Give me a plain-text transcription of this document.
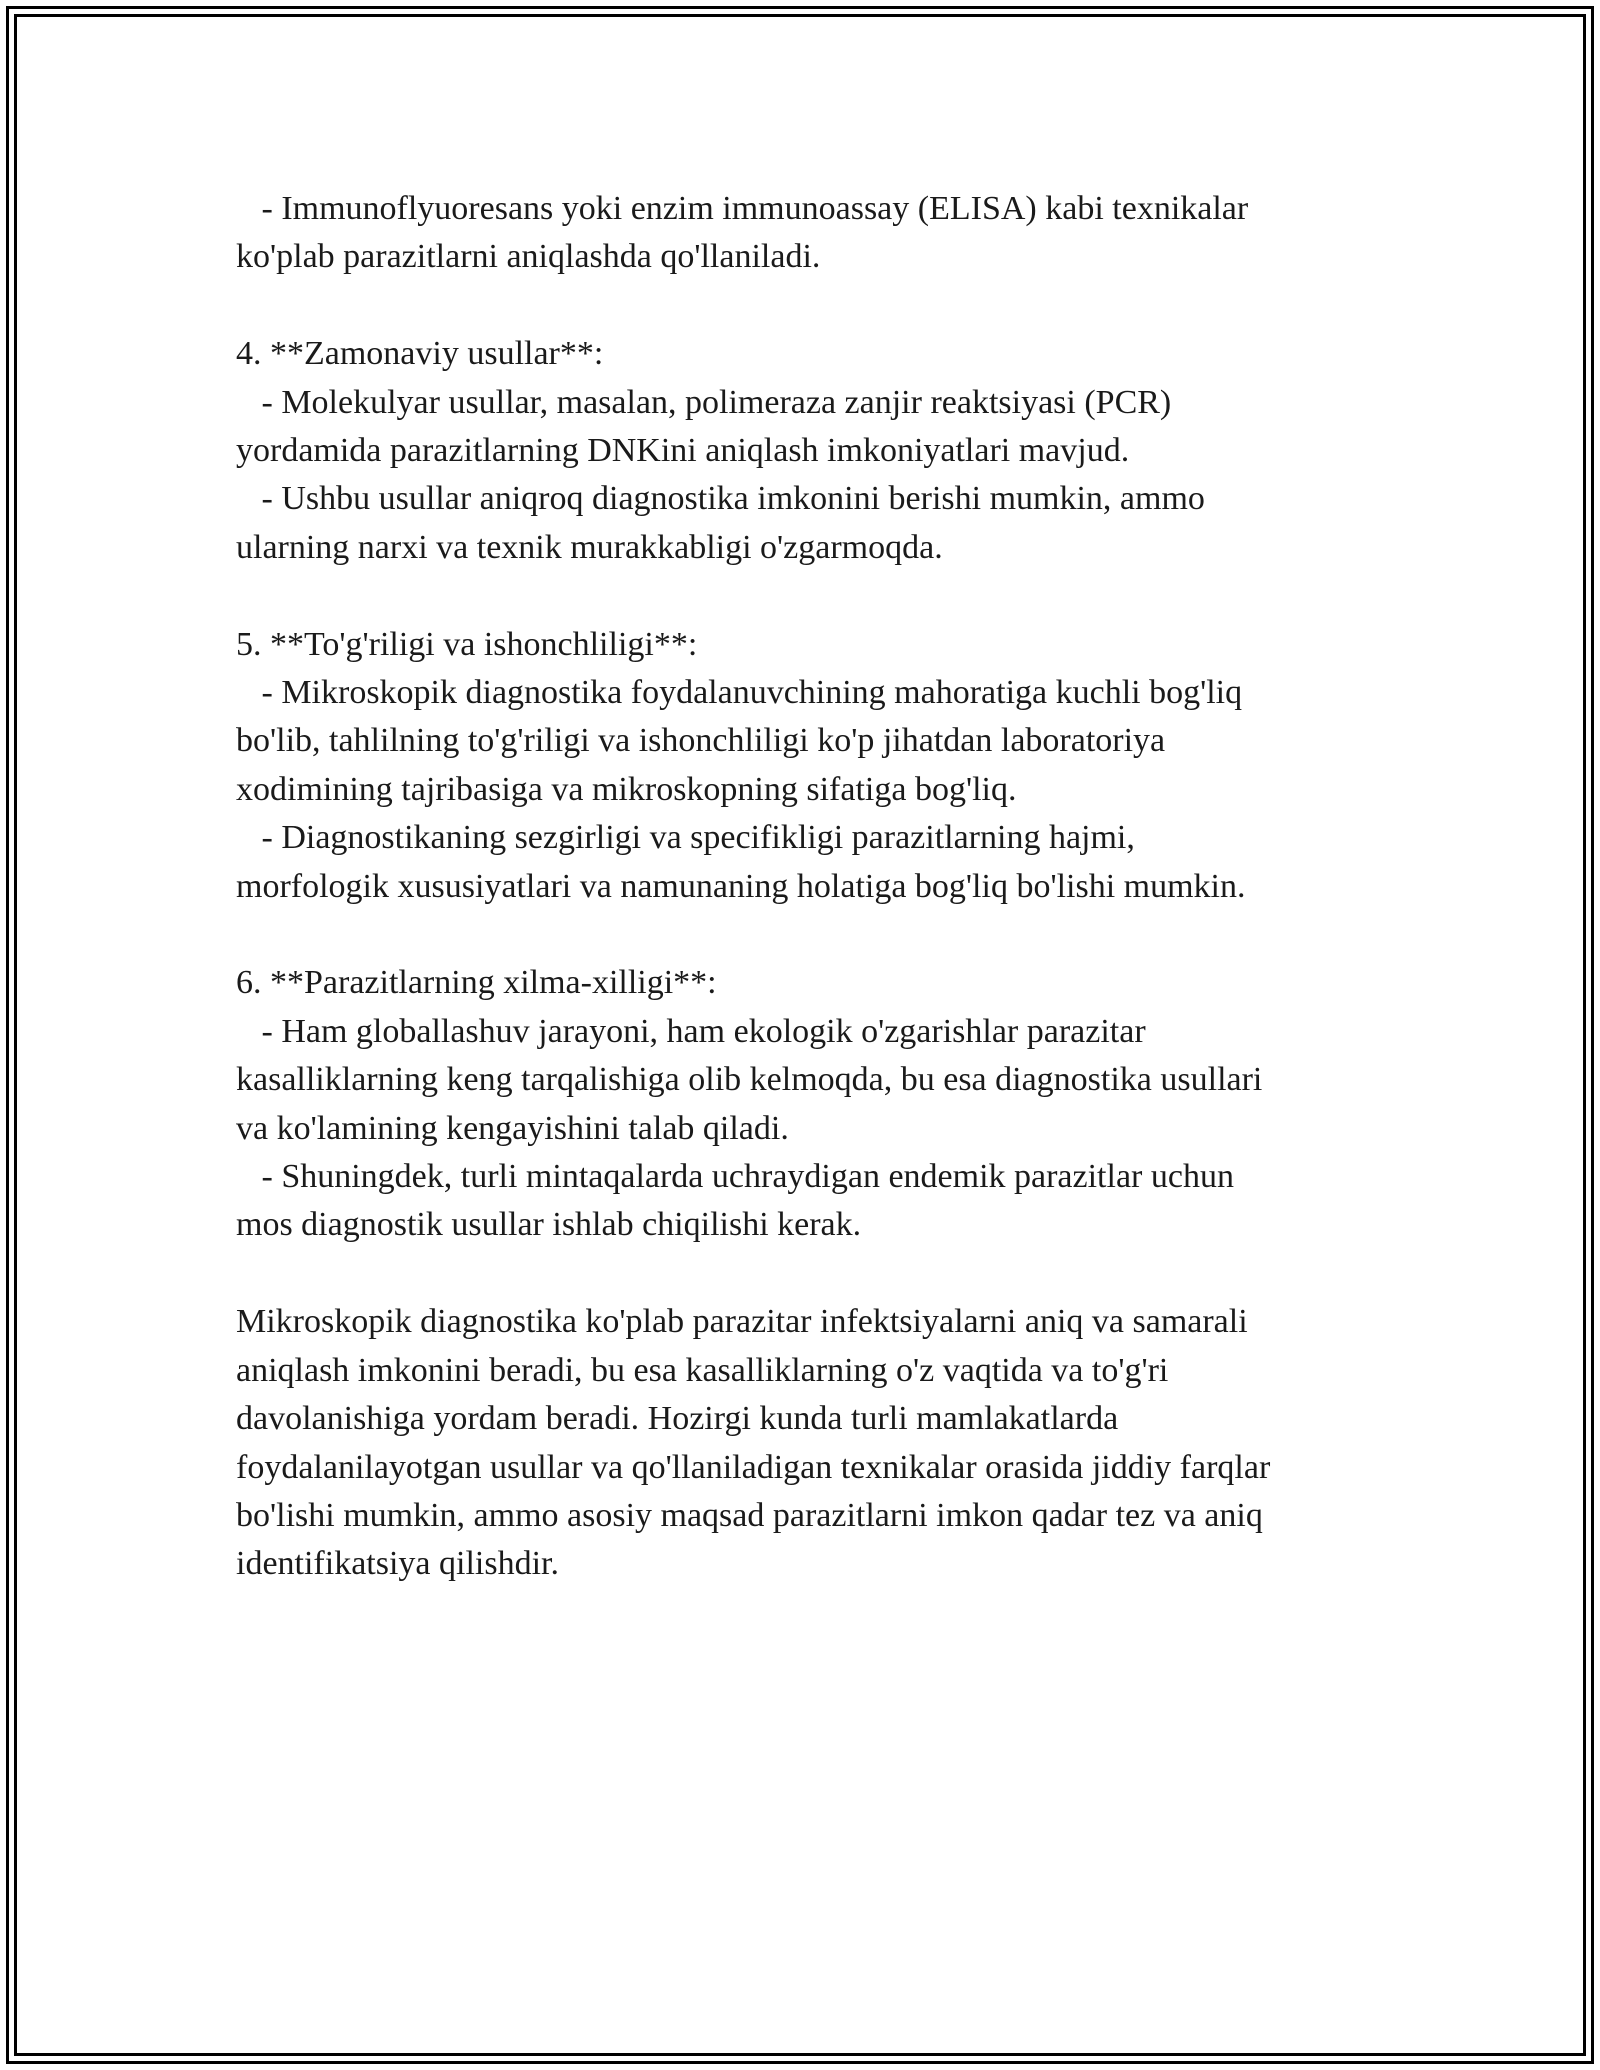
- Immunoflyuoresans yoki enzim immunoassay (ELISA) kabi texnikalar
ko'plab parazitlarni aniqlashda qo'llaniladi.
4. **Zamonaviy usullar**:
- Molekulyar usullar, masalan, polimeraza zanjir reaktsiyasi (PCR)
yordamida parazitlarning DNKini aniqlash imkoniyatlari mavjud.
- Ushbu usullar aniqroq diagnostika imkonini berishi mumkin, ammo
ularning narxi va texnik murakkabligi o'zgarmoqda.
5. **To'g'riligi va ishonchliligi**:
- Mikroskopik diagnostika foydalanuvchining mahoratiga kuchli bog'liq
bo'lib, tahlilning to'g'riligi va ishonchliligi ko'p jihatdan laboratoriya
xodimining tajribasiga va mikroskopning sifatiga bog'liq.
- Diagnostikaning sezgirligi va specifikligi parazitlarning hajmi,
morfologik xususiyatlari va namunaning holatiga bog'liq bo'lishi mumkin.
6. **Parazitlarning xilma-xilligi**:
- Ham globallashuv jarayoni, ham ekologik o'zgarishlar parazitar
kasalliklarning keng tarqalishiga olib kelmoqda, bu esa diagnostika usullari
va ko'lamining kengayishini talab qiladi.
- Shuningdek, turli mintaqalarda uchraydigan endemik parazitlar uchun
mos diagnostik usullar ishlab chiqilishi kerak.
Mikroskopik diagnostika ko'plab parazitar infektsiyalarni aniq va samarali
aniqlash imkonini beradi, bu esa kasalliklarning o'z vaqtida va to'g'ri
davolanishiga yordam beradi. Hozirgi kunda turli mamlakatlarda
foydalanilayotgan usullar va qo'llaniladigan texnikalar orasida jiddiy farqlar
bo'lishi mumkin, ammo asosiy maqsad parazitlarni imkon qadar tez va aniq
identifikatsiya qilishdir.
